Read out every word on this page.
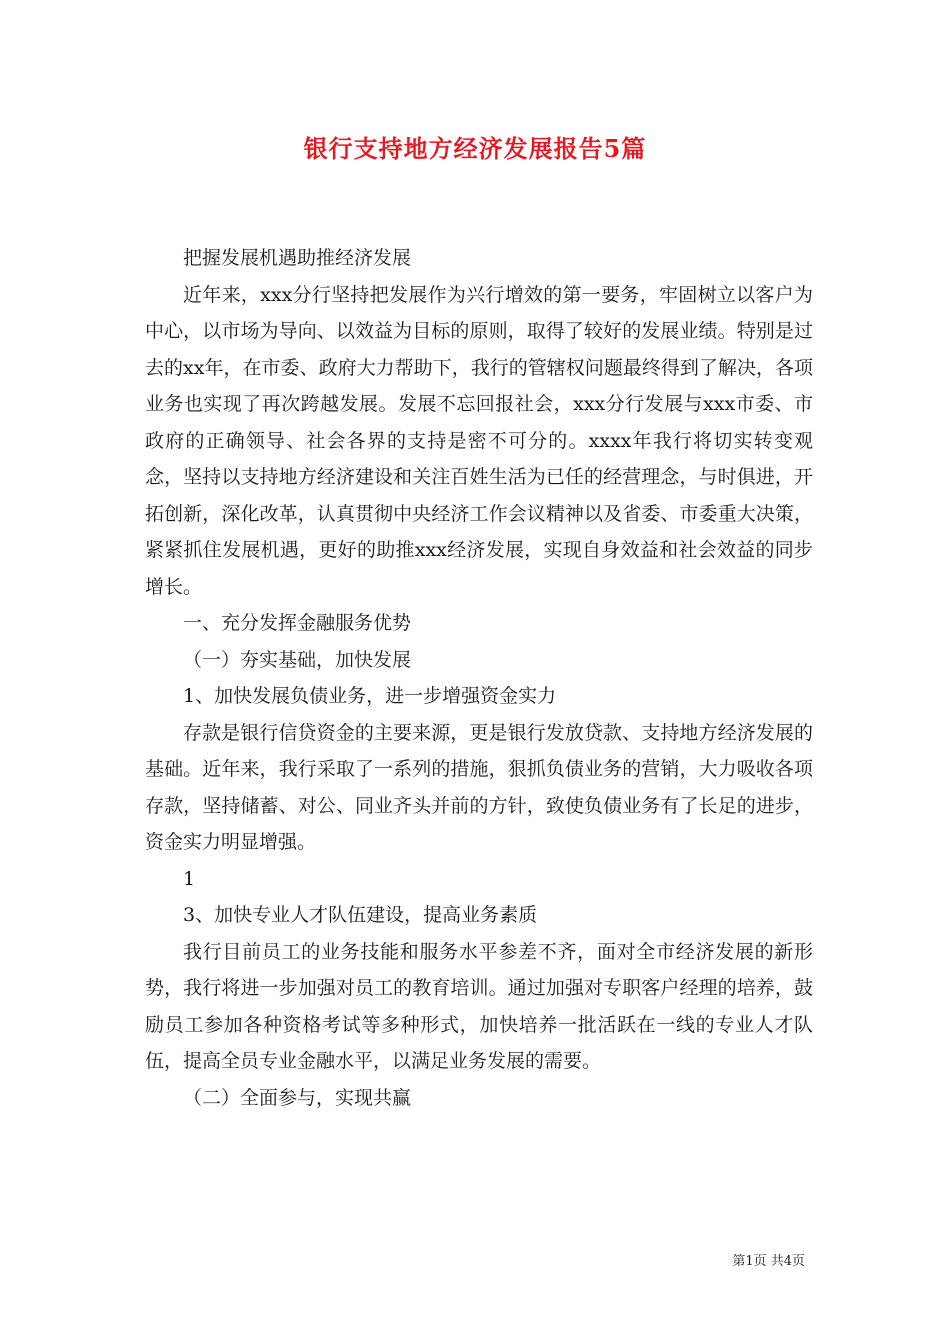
银行支持地方经济发展报告5篇

把握发展机遇助推经济发展

近年来，xxx分行坚持把发展作为兴行增效的第一要务，牢固树立以客户为中心，以市场为导向、以效益为目标的原则，取得了较好的发展业绩。特别是过去的xx年，在市委、政府大力帮助下，我行的管辖权问题最终得到了解决，各项业务也实现了再次跨越发展。发展不忘回报社会，xxx分行发展与xxx市委、市政府的正确领导、社会各界的支持是密不可分的。xxxx年我行将切实转变观念，坚持以支持地方经济建设和关注百姓生活为已任的经营理念，与时俱进，开拓创新，深化改革，认真贯彻中央经济工作会议精神以及省委、市委重大决策，紧紧抓住发展机遇，更好的助推xxx经济发展，实现自身效益和社会效益的同步增长。

一、充分发挥金融服务优势

（一）夯实基础，加快发展

1、加快发展负债业务，进一步增强资金实力

存款是银行信贷资金的主要来源，更是银行发放贷款、支持地方经济发展的基础。近年来，我行采取了一系列的措施，狠抓负债业务的营销，大力吸收各项存款，坚持储蓄、对公、同业齐头并前的方针，致使负债业务有了长足的进步，资金实力明显增强。

1

3、加快专业人才队伍建设，提高业务素质

我行目前员工的业务技能和服务水平参差不齐，面对全市经济发展的新形势，我行将进一步加强对员工的教育培训。通过加强对专职客户经理的培养，鼓励员工参加各种资格考试等多种形式，加快培养一批活跃在一线的专业人才队伍，提高全员专业金融水平，以满足业务发展的需要。

（二）全面参与，实现共赢

第1页 共4页
